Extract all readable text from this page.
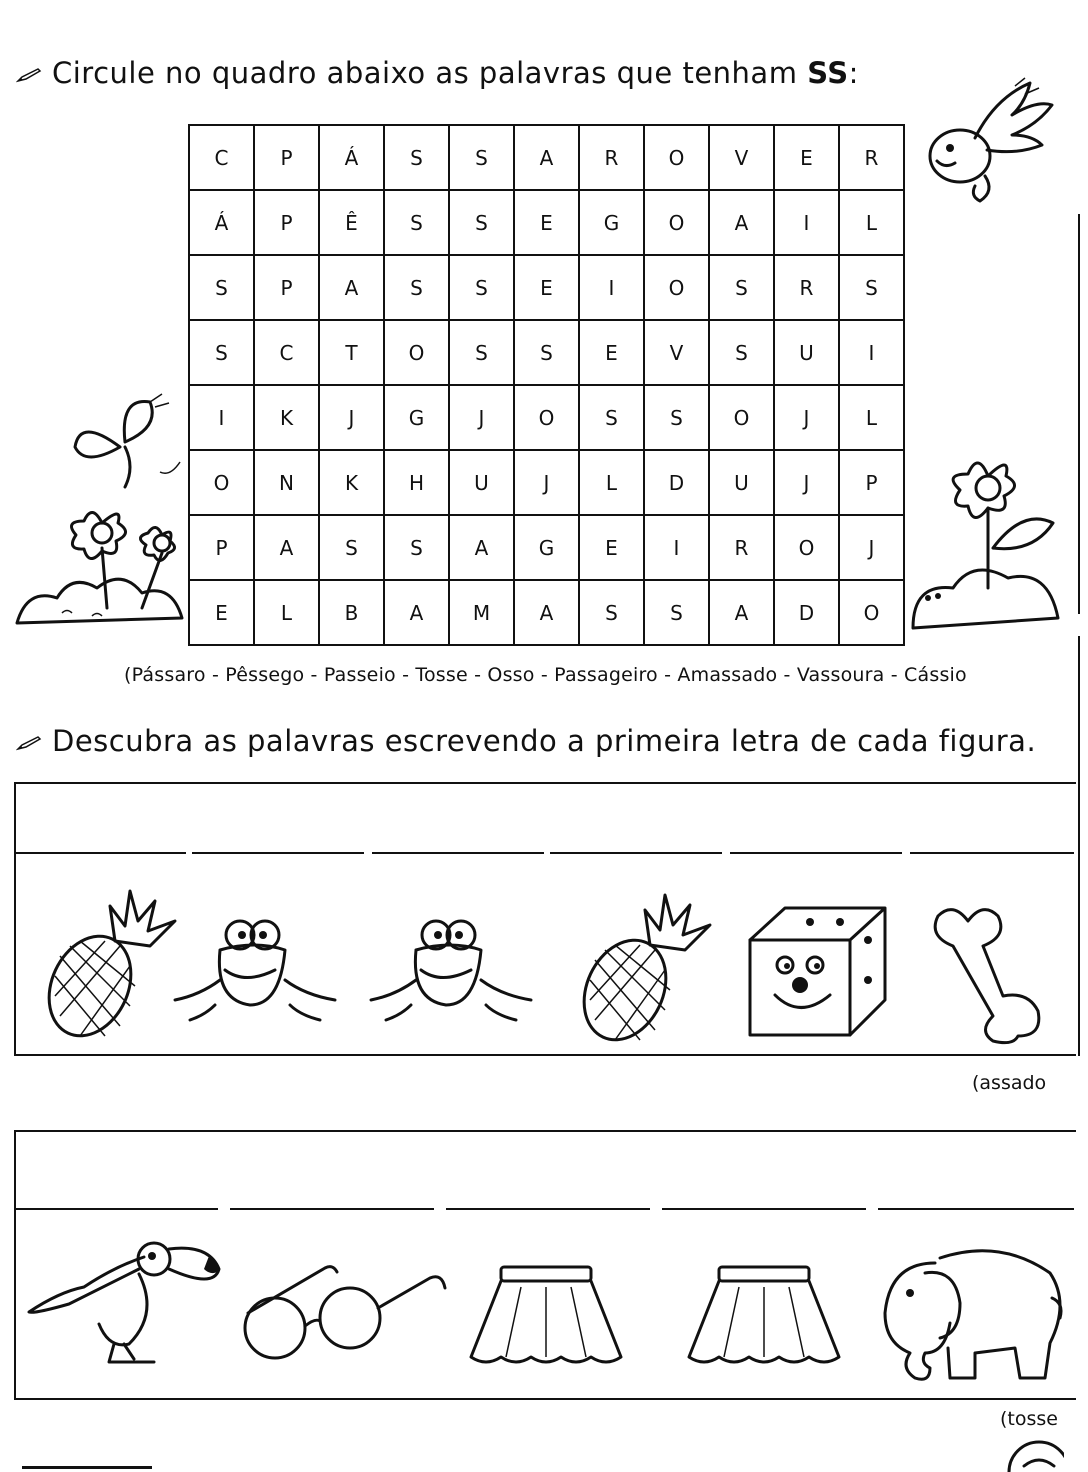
Circule no quadro abaixo as palavras que tenham SS:
C	P	Á	S	S	A	R	O	V	E	R
Á	P	Ê	S	S	E	G	O	A	I	L
S	P	A	S	S	E	I	O	S	R	S
S	C	T	O	S	S	E	V	S	U	I
I	K	J	G	J	O	S	S	O	J	L
O	N	K	H	U	J	L	D	U	J	P
P	A	S	S	A	G	E	I	R	O	J
E	L	B	A	M	A	S	S	A	D	O
(Pássaro - Pêssego - Passeio - Tosse - Osso - Passageiro - Amassado - Vassoura - Cássio
Descubra as palavras escrevendo a primeira letra de cada figura.
(assado
(tosse
